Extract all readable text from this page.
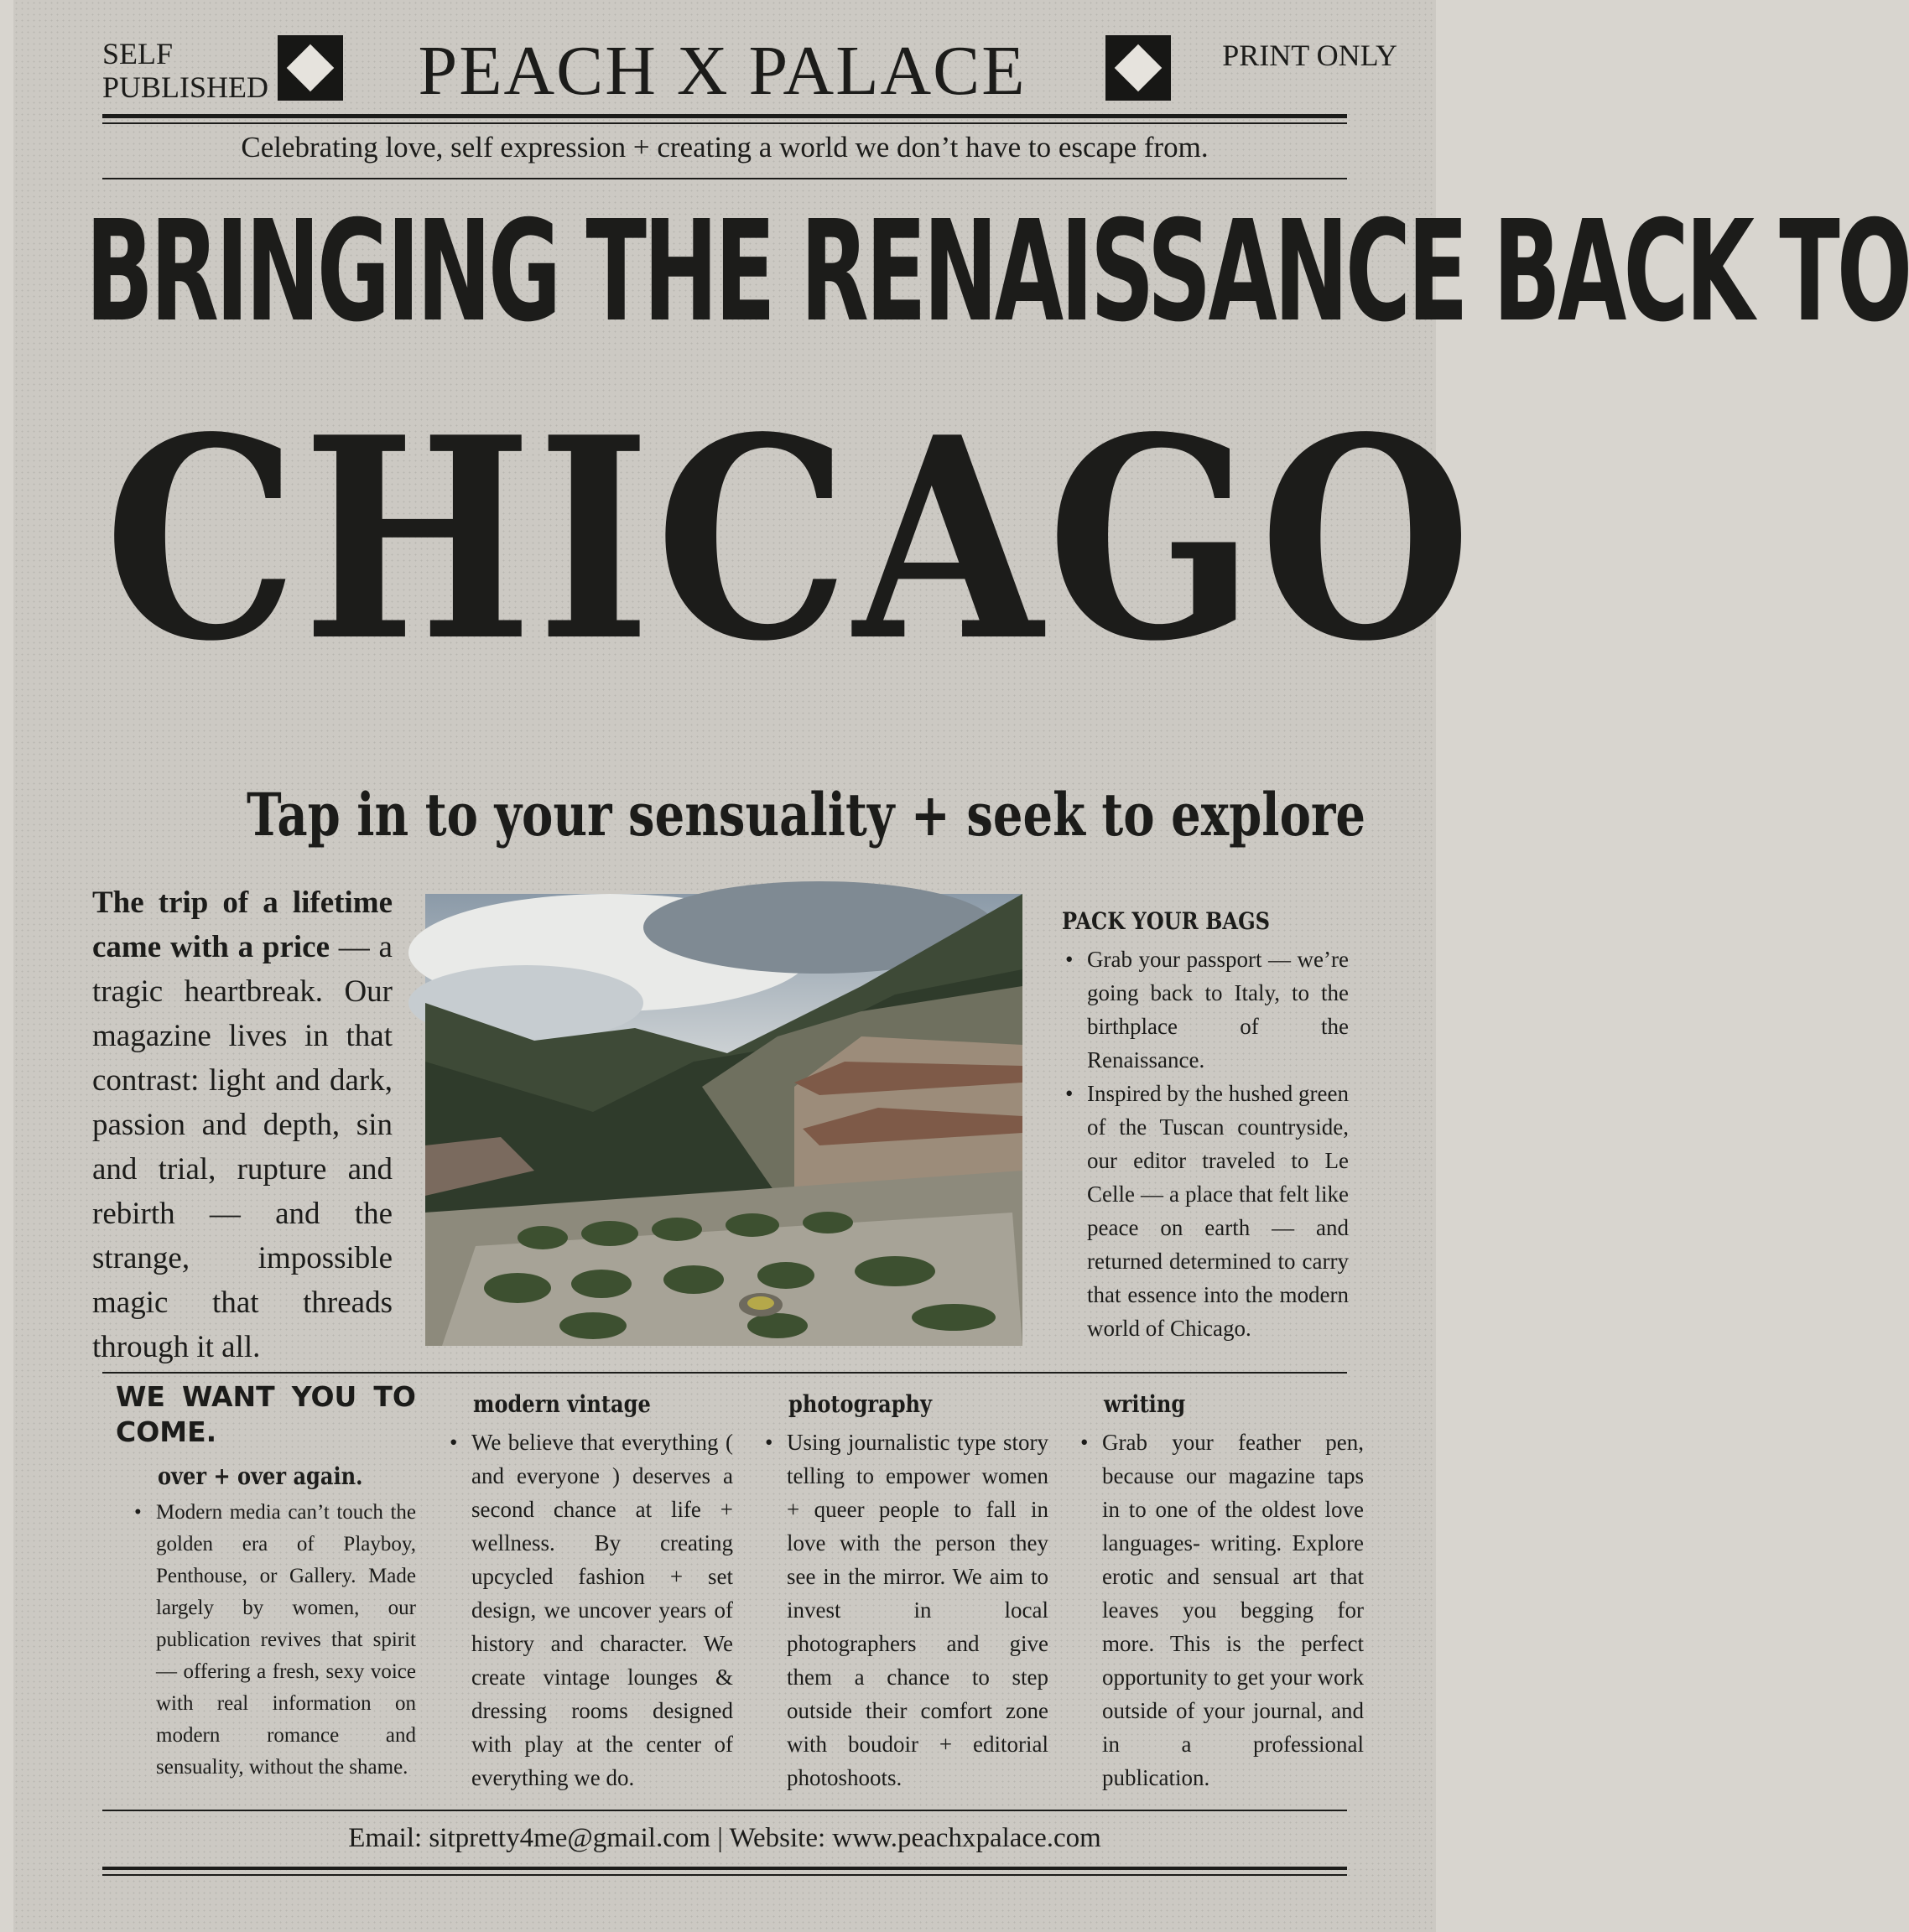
SELF
PUBLISHED	PEACH X PALACE	PRINT ONLY
Celebrating love, self expression + creating a world we don’t have to escape from.
BRINGING THE RENAISSANCE BACK TO
CHICAGO
Tap in to your sensuality + seek to explore
The trip of a lifetime came with a price — a tragic heartbreak. Our magazine lives in that contrast: light and dark, passion and depth, sin and trial, rupture and rebirth — and the strange, impossible magic that threads through it all.
PACK YOUR BAGS
• Grab your passport — we’re going back to Italy, to the birthplace of the Renaissance.
• Inspired by the hushed green of the Tuscan countryside, our editor traveled to Le Celle — a place that felt like peace on earth — and returned determined to carry that essence into the modern world of Chicago.
WE WANT YOU TO COME.
over + over again.
• Modern media can’t touch the golden era of Playboy, Penthouse, or Gallery. Made largely by women, our publication revives that spirit — offering a fresh, sexy voice with real information on modern romance and sensuality, without the shame.
modern vintage
• We believe that everything ( and everyone ) deserves a second chance at life + wellness. By creating upcycled fashion + set design, we uncover years of history and character. We create vintage lounges & dressing rooms designed with play at the center of everything we do.
photography
• Using journalistic type story telling to empower women + queer people to fall in love with the person they see in the mirror. We aim to invest in local photographers and give them a chance to step outside their comfort zone with boudoir + editorial photoshoots.
writing
• Grab your feather pen, because our magazine taps in to one of the oldest love languages- writing. Explore erotic and sensual art that leaves you begging for more. This is the perfect opportunity to get your work outside of your journal, and in a professional publication.
Email: sitpretty4me@gmail.com | Website: www.peachxpalace.com
